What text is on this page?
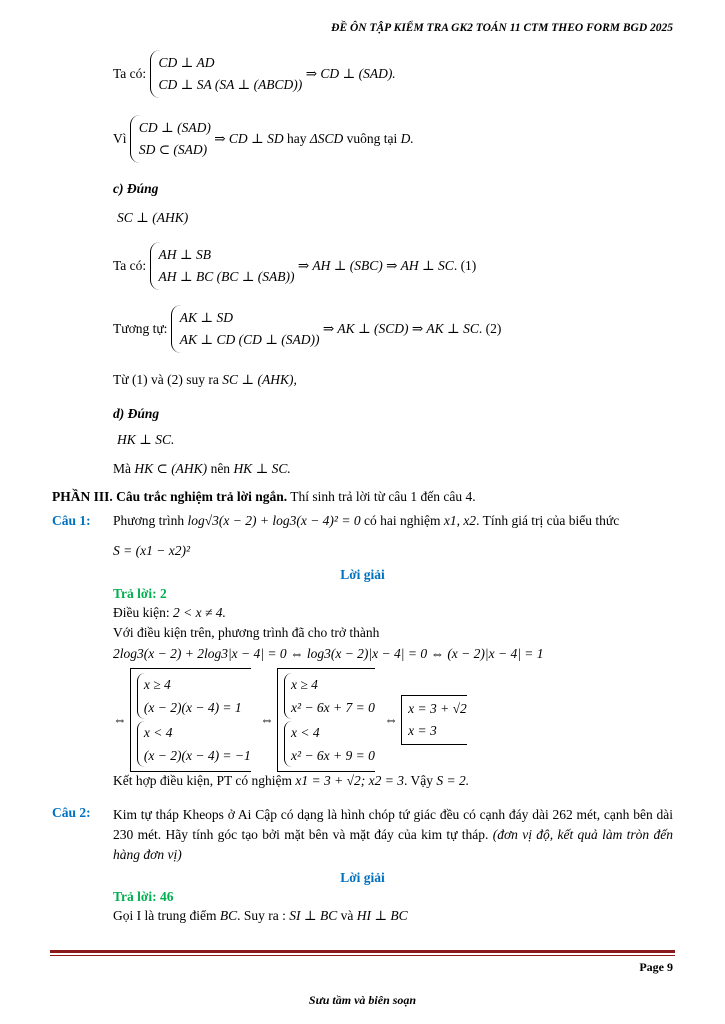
ĐỀ ÔN TẬP KIỂM TRA GK2 TOÁN 11 CTM THEO FORM BGD 2025
Ta có: CD ⊥ AD
CD ⊥ SA (SA ⊥ (ABCD)) ⇒ CD ⊥ (SAD).
Vì CD ⊥ (SAD)
SD ⊂ (SAD) ⇒ CD ⊥ SD hay ΔSCD vuông tại D.
c) Đúng
SC ⊥ (AHK)
Ta có: AH ⊥ SB
AH ⊥ BC (BC ⊥ (SAB)) ⇒ AH ⊥ (SBC) ⇒ AH ⊥ SC. (1)
Tương tự: AK ⊥ SD
AK ⊥ CD (CD ⊥ (SAD)) ⇒ AK ⊥ (SCD) ⇒ AK ⊥ SC. (2)
Từ (1) và (2) suy ra SC ⊥ (AHK),
d) Đúng
HK ⊥ SC.
Mà HK ⊂ (AHK) nên HK ⊥ SC.
PHẦN III. Câu trắc nghiệm trả lời ngắn. Thí sinh trả lời từ câu 1 đến câu 4.
Câu 1: Phương trình log√3(x − 2) + log3(x − 4)² = 0 có hai nghiệm x1, x2. Tính giá trị của biểu thức
S = (x1 − x2)²
Lời giải
Trả lời: 2
Điều kiện: 2 < x ≠ 4.
Với điều kiện trên, phương trình đã cho trở thành
2log3(x − 2) + 2log3|x − 4| = 0 ⇔ log3(x − 2)|x − 4| = 0 ⇔ (x − 2)|x − 4| = 1
⇔
x ≥ 4
(x − 2)(x − 4) = 1
x < 4
(x − 2)(x − 4) = −1
⇔
x ≥ 4
x² − 6x + 7 = 0
x < 4
x² − 6x + 9 = 0
⇔ x = 3 + √2
x = 3
Kết hợp điều kiện, PT có nghiệm x1 = 3 + √2; x2 = 3. Vậy S = 2.
Câu 2: Kim tự tháp Kheops ở Ai Cập có dạng là hình chóp tứ giác đều có cạnh đáy dài 262 mét, cạnh bên dài 230 mét. Hãy tính góc tạo bởi mặt bên và mặt đáy của kim tự tháp. (đơn vị độ, kết quả làm tròn đến hàng đơn vị)
Lời giải
Trả lời: 46
Gọi I là trung điểm BC. Suy ra : SI ⊥ BC và HI ⊥ BC
Page 9
Sưu tầm và biên soạn
